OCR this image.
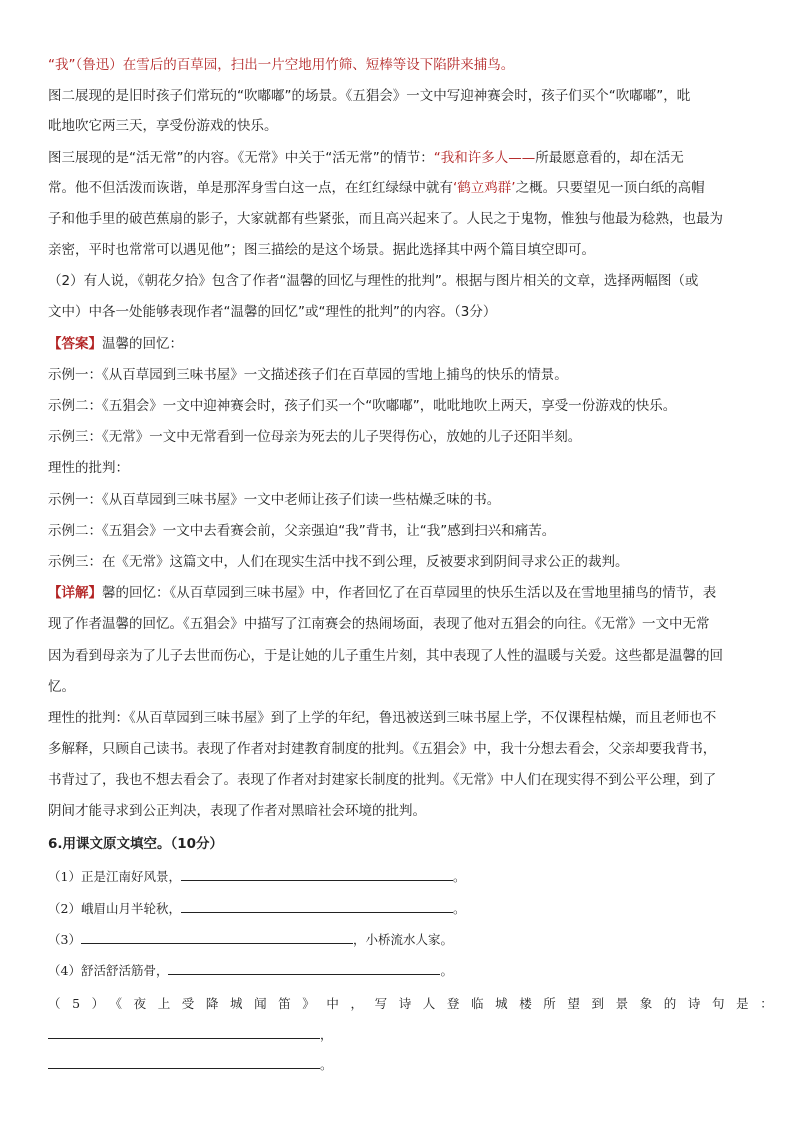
“我”（鲁迅）在雪后的百草园，扫出一片空地用竹筛、短棒等设下陷阱来捕鸟。
图二展现的是旧时孩子们常玩的“吹嘟嘟”的场景。《五猖会》一文中写迎神赛会时，孩子们买个“吹嘟嘟”，吡
吡地吹它两三天，享受份游戏的快乐。
图三展现的是“活无常”的内容。《无常》中关于“活无常”的情节：“我和许多人——所最愿意看的，却在活无
常。他不但活泼而诙谐，单是那浑身雪白这一点，在红红绿绿中就有‘鹤立鸡群’之概。只要望见一顶白纸的高帽
子和他手里的破芭蕉扇的影子，大家就都有些紧张，而且高兴起来了。人民之于鬼物，惟独与他最为稔熟，也最为
亲密，平时也常常可以遇见他”；图三描绘的是这个场景。据此选择其中两个篇目填空即可。
（2）有人说，《朝花夕拾》包含了作者“温馨的回忆与理性的批判”。根据与图片相关的文章，选择两幅图（或
文中）中各一处能够表现作者“温馨的回忆”或“理性的批判”的内容。（3分）
【答案】温馨的回忆：
示例一：《从百草园到三味书屋》一文描述孩子们在百草园的雪地上捕鸟的快乐的情景。
示例二：《五猖会》一文中迎神赛会时，孩子们买一个“吹嘟嘟”，吡吡地吹上两天，享受一份游戏的快乐。
示例三：《无常》一文中无常看到一位母亲为死去的儿子哭得伤心，放她的儿子还阳半刻。
理性的批判：
示例一：《从百草园到三味书屋》一文中老师让孩子们读一些枯燥乏味的书。
示例二：《五猖会》一文中去看赛会前，父亲强迫“我”背书，让“我”感到扫兴和痛苦。
示例三：在《无常》这篇文中，人们在现实生活中找不到公理，反被要求到阴间寻求公正的裁判。
【详解】馨的回忆：《从百草园到三味书屋》中，作者回忆了在百草园里的快乐生活以及在雪地里捕鸟的情节，表
现了作者温馨的回忆。《五猖会》中描写了江南赛会的热闹场面，表现了他对五猖会的向往。《无常》一文中无常
因为看到母亲为了儿子去世而伤心，于是让她的儿子重生片刻，其中表现了人性的温暖与关爱。这些都是温馨的回
忆。
理性的批判：《从百草园到三味书屋》到了上学的年纪，鲁迅被送到三味书屋上学，不仅课程枯燥，而且老师也不
多解释，只顾自己读书。表现了作者对封建教育制度的批判。《五猖会》中，我十分想去看会，父亲却要我背书，
书背过了，我也不想去看会了。表现了作者对封建家长制度的批判。《无常》中人们在现实得不到公平公理，到了
阴间才能寻求到公正判决，表现了作者对黑暗社会环境的批判。
6.用课文原文填空。（10分）
（1）正是江南好风景，	。
（2）峨眉山月半轮秋，	。
（3）	，小桥流水人家。
（4）舒活舒活筋骨，	。
（5）《夜上受降城闻笛》中，写诗人登临城楼所望到景象的诗句是：
，
。
